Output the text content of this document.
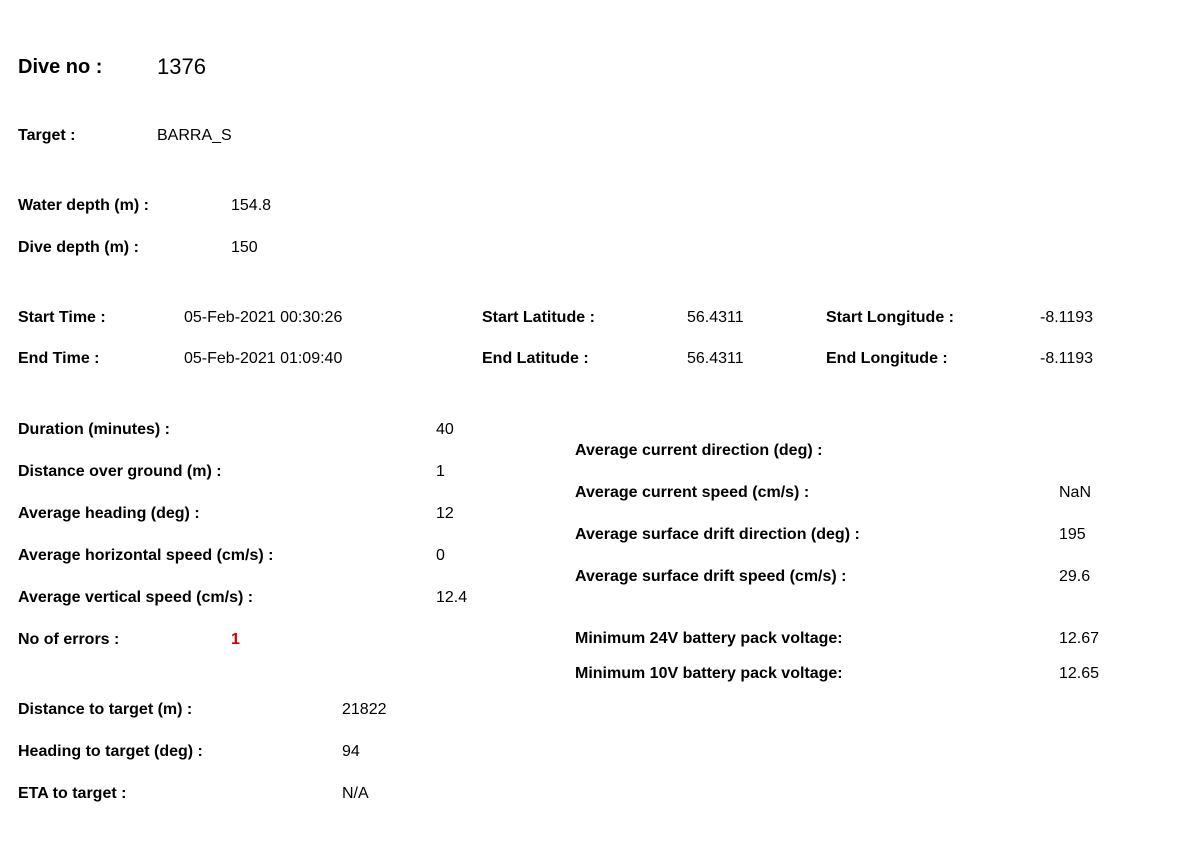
Dive no : 1376
Target :	BARRA_S
Water depth (m) :	154.8
Dive depth (m) :	150
Start Time :	05-Feb-2021 00:30:26	Start Latitude :	56.4311	Start Longitude :	-8.1193
End Time :	05-Feb-2021 01:09:40	End Latitude :	56.4311	End Longitude :	-8.1193
Duration (minutes) :	40
Distance over ground (m) :	1
Average heading (deg) :	12
Average horizontal speed (cm/s) :	0
Average vertical speed (cm/s) :	12.4
No of errors :	1
Average current direction (deg) :
Average current speed (cm/s) :	NaN
Average surface drift direction (deg) :	195
Average surface drift speed (cm/s) :	29.6
Minimum 24V battery pack voltage:	12.67
Minimum 10V battery pack voltage:	12.65
Distance to target (m) :	21822
Heading to target (deg) :	94
ETA to target :	N/A
